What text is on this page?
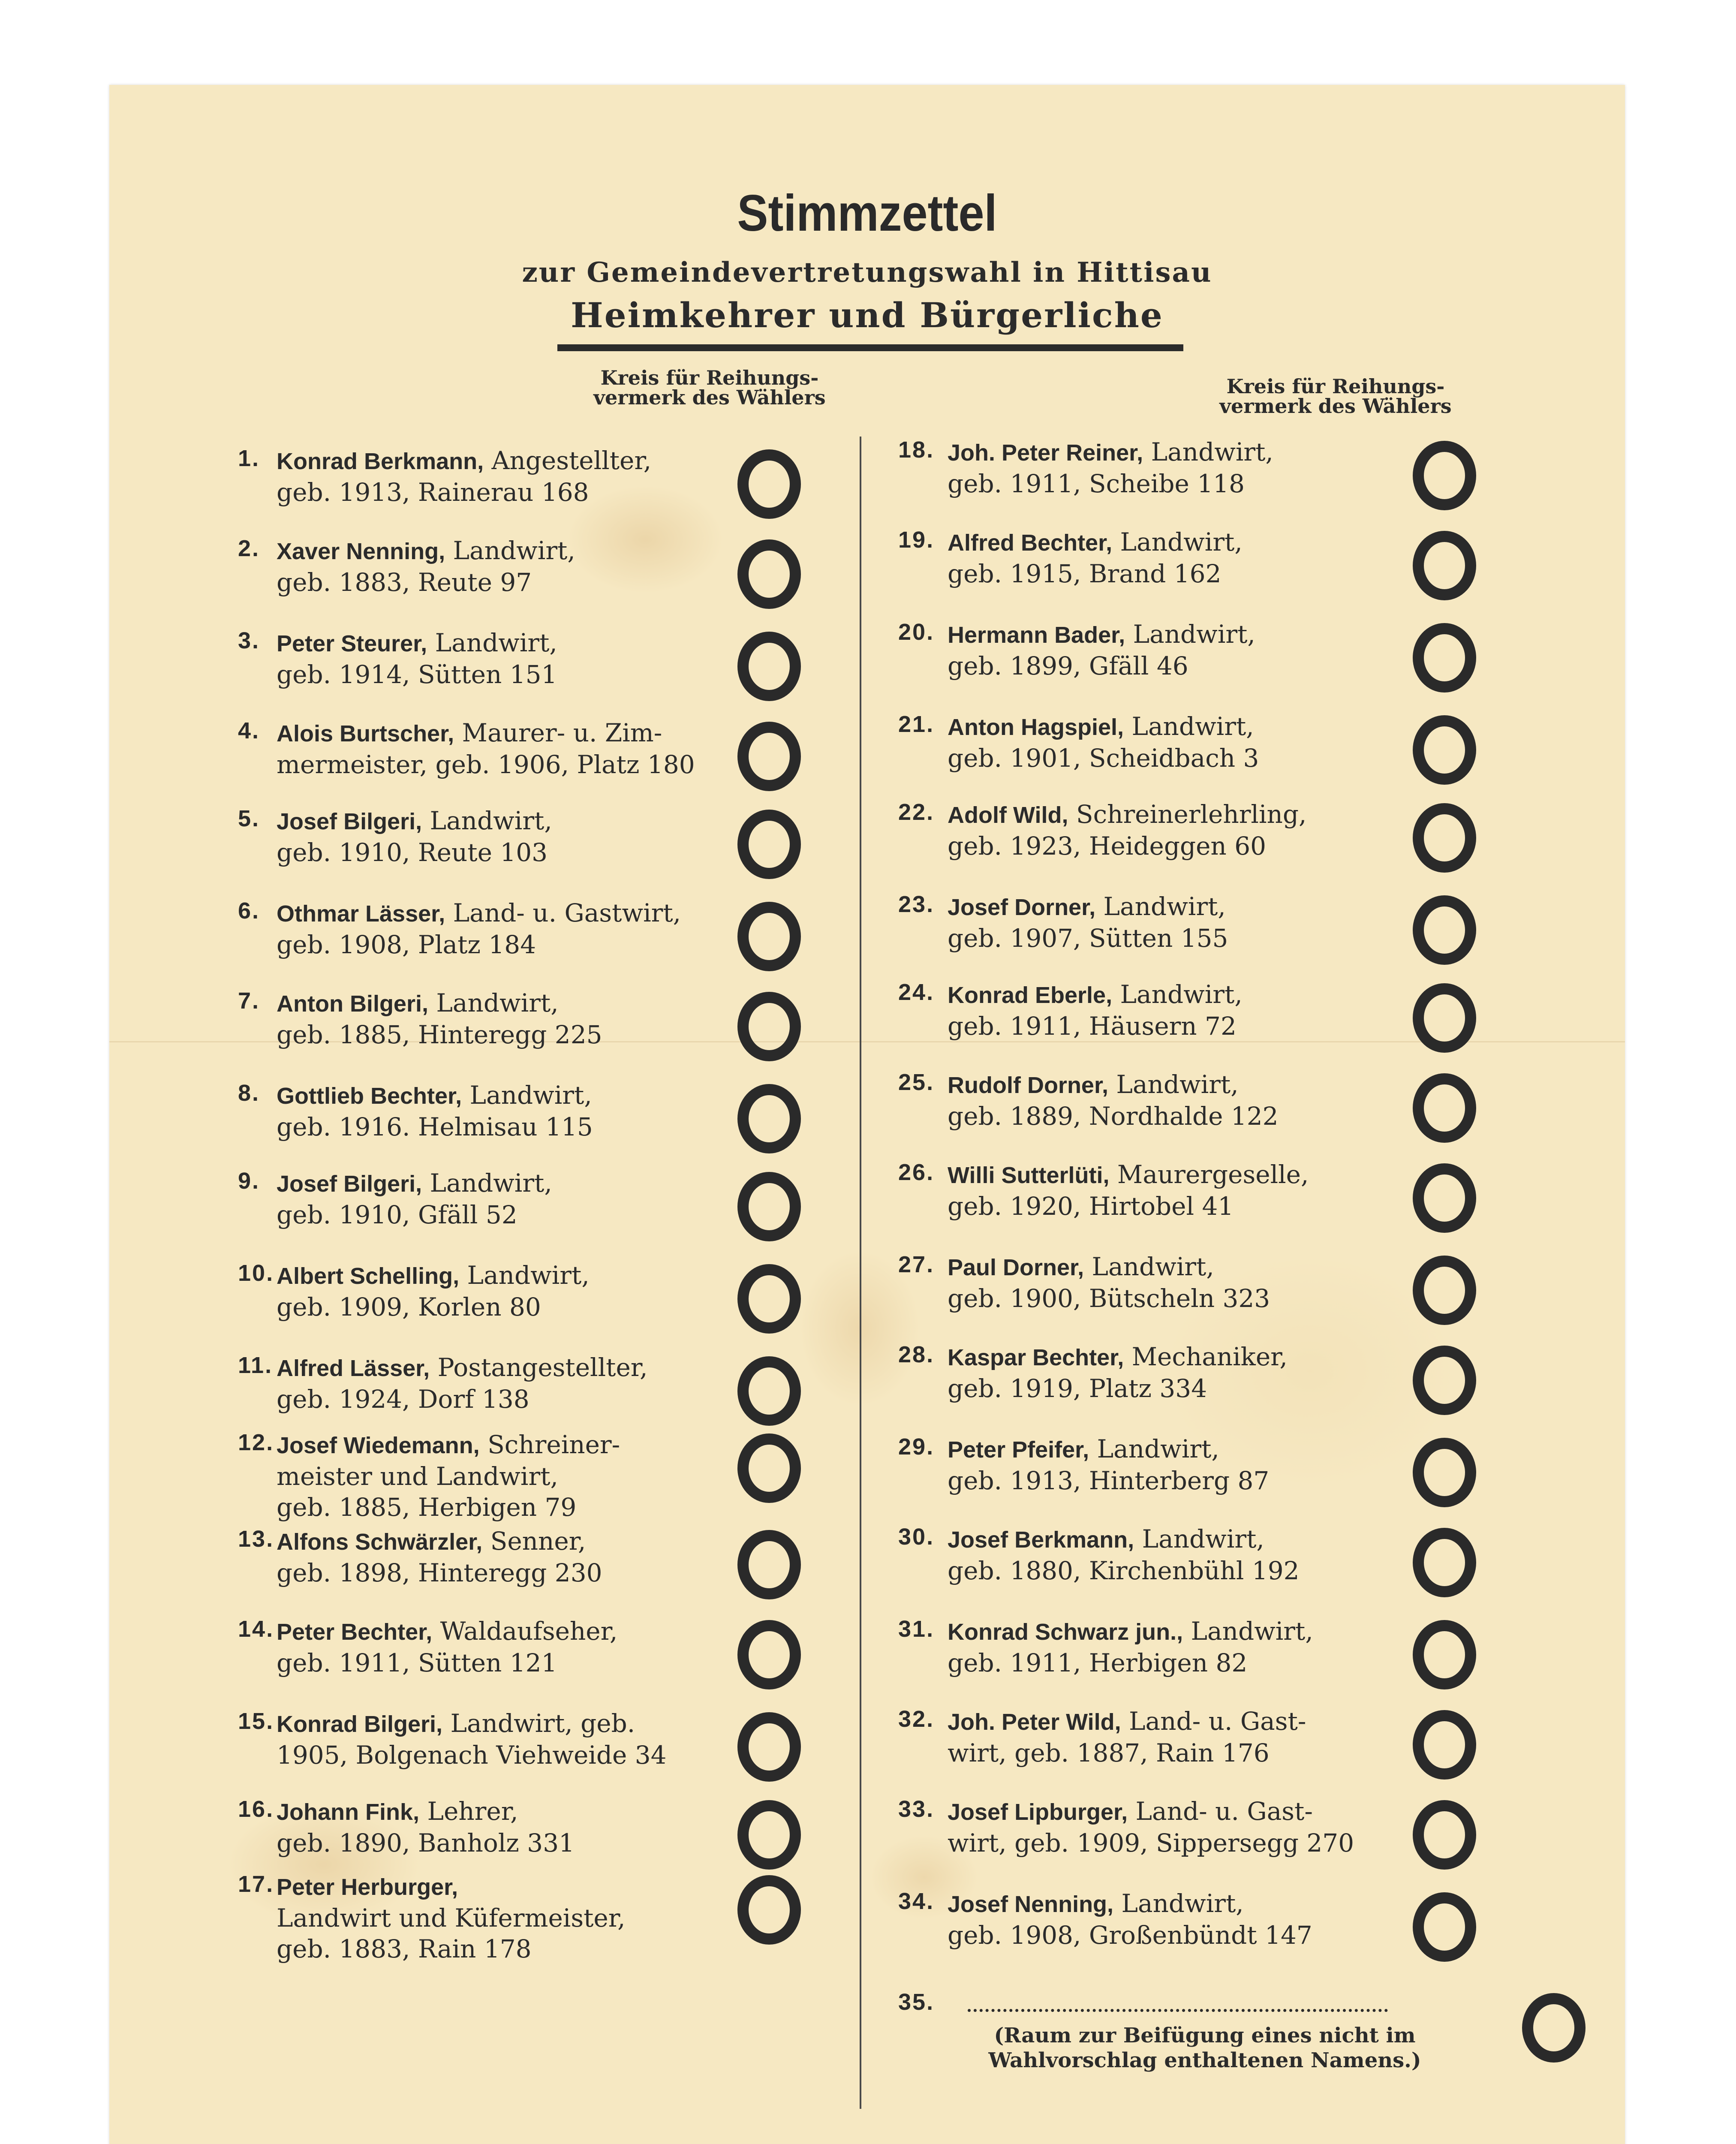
Stimmzettel
zur Gemeindevertretungswahl in Hittisau
Heimkehrer und Bürgerliche
Kreis für Reihungs-
vermerk des Wählers	Kreis für Reihungs-
vermerk des Wählers
1. Konrad Berkmann, Angestellter,
geb. 1913, Rainerau 168
2. Xaver Nenning, Landwirt,
geb. 1883, Reute 97
3. Peter Steurer, Landwirt,
geb. 1914, Sütten 151
4. Alois Burtscher, Maurer- u. Zim-
mermeister, geb. 1906, Platz 180
5. Josef Bilgeri, Landwirt,
geb. 1910, Reute 103
6. Othmar Lässer, Land- u. Gastwirt,
geb. 1908, Platz 184
7. Anton Bilgeri, Landwirt,
geb. 1885, Hinteregg 225
8. Gottlieb Bechter, Landwirt,
geb. 1916. Helmisau 115
9. Josef Bilgeri, Landwirt,
geb. 1910, Gfäll 52
10. Albert Schelling, Landwirt,
geb. 1909, Korlen 80
11. Alfred Lässer, Postangestellter,
geb. 1924, Dorf 138
12. Josef Wiedemann, Schreiner-
meister und Landwirt,
geb. 1885, Herbigen 79
13. Alfons Schwärzler, Senner,
geb. 1898, Hinteregg 230
14. Peter Bechter, Waldaufseher,
geb. 1911, Sütten 121
15. Konrad Bilgeri, Landwirt, geb.
1905, Bolgenach Viehweide 34
16. Johann Fink, Lehrer,
geb. 1890, Banholz 331
17. Peter Herburger,
Landwirt und Küfermeister,
geb. 1883, Rain 178
18. Joh. Peter Reiner, Landwirt,
geb. 1911, Scheibe 118
19. Alfred Bechter, Landwirt,
geb. 1915, Brand 162
20. Hermann Bader, Landwirt,
geb. 1899, Gfäll 46
21. Anton Hagspiel, Landwirt,
geb. 1901, Scheidbach 3
22. Adolf Wild, Schreinerlehrling,
geb. 1923, Heideggen 60
23. Josef Dorner, Landwirt,
geb. 1907, Sütten 155
24. Konrad Eberle, Landwirt,
geb. 1911, Häusern 72
25. Rudolf Dorner, Landwirt,
geb. 1889, Nordhalde 122
26. Willi Sutterlüti, Maurergeselle,
geb. 1920, Hirtobel 41
27. Paul Dorner, Landwirt,
geb. 1900, Bütscheln 323
28. Kaspar Bechter, Mechaniker,
geb. 1919, Platz 334
29. Peter Pfeifer, Landwirt,
geb. 1913, Hinterberg 87
30. Josef Berkmann, Landwirt,
geb. 1880, Kirchenbühl 192
31. Konrad Schwarz jun., Landwirt,
geb. 1911, Herbigen 82
32. Joh. Peter Wild, Land- u. Gast-
wirt, geb. 1887, Rain 176
33. Josef Lipburger, Land- u. Gast-
wirt, geb. 1909, Sippersegg 270
34. Josef Nenning, Landwirt,
geb. 1908, Großenbündt 147
35.
(Raum zur Beifügung eines nicht im
Wahlvorschlag enthaltenen Namens.)
